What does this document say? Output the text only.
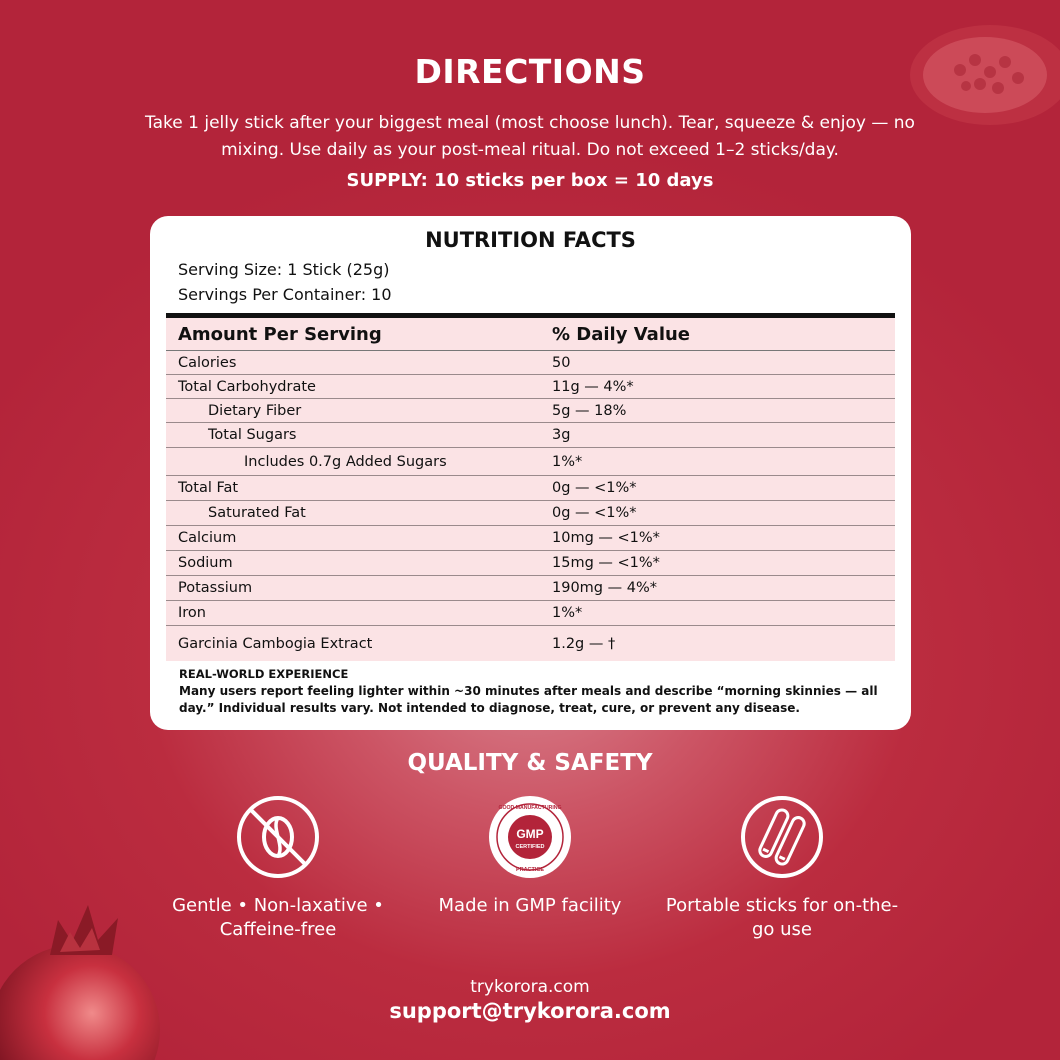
DIRECTIONS
Take 1 jelly stick after your biggest meal (most choose lunch). Tear, squeeze & enjoy — no mixing. Use daily as your post-meal ritual. Do not exceed 1–2 sticks/day.
SUPPLY: 10 sticks per box = 10 days
NUTRITION FACTS
Serving Size: 1 Stick (25g)
Servings Per Container: 10
Amount Per Serving	% Daily Value
Calories	50
Total Carbohydrate	11g — 4%*
Dietary Fiber	5g — 18%
Total Sugars	3g
Includes 0.7g Added Sugars	1%*
Total Fat	0g — <1%*
Saturated Fat	0g — <1%*
Calcium	10mg — <1%*
Sodium	15mg — <1%*
Potassium	190mg — 4%*
Iron	1%*
Garcinia Cambogia Extract	1.2g — †
REAL-WORLD EXPERIENCE
Many users report feeling lighter within ~30 minutes after meals and describe “morning skinnies — all day.” Individual results vary. Not intended to diagnose, treat, cure, or prevent any disease.
QUALITY & SAFETY
Gentle • Non-laxative • Caffeine-free
GMP
CERTIFIED
GOOD MANUFACTURING
PRACTICE
Made in GMP facility	Portable sticks for on-the-go use
trykorora.com
support@trykorora.com
